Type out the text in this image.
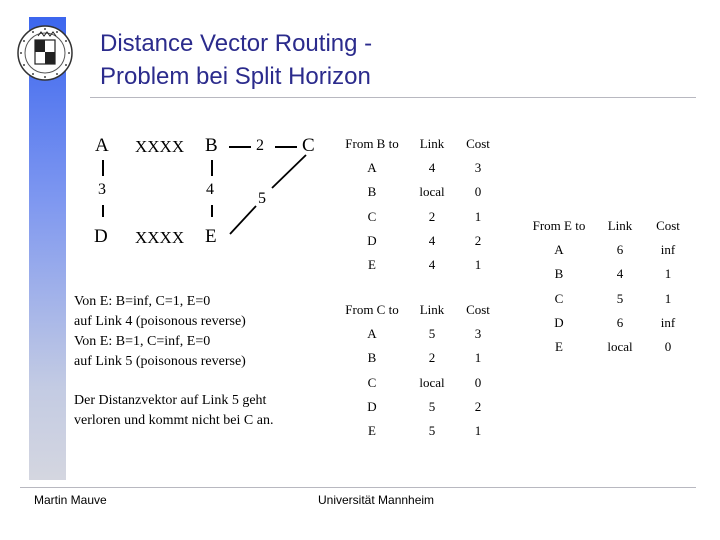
Distance Vector Routing -
Problem bei Split Horizon
A XXXX B 2 C
3	4
5
D XXXX E
Von E: B=inf, C=1, E=0
auf Link 4 (poisonous reverse)
Von E: B=1, C=inf, E=0
auf Link 5 (poisonous reverse)
Der Distanzvektor auf Link 5 geht
verloren und kommt nicht bei C an.
From B to	Link	Cost
A	4	3
B	local	0
C	2	1
D	4	2
E	4	1
From C to	Link	Cost
A	5	3
B	2	1
C	local	0
D	5	2
E	5	1
From E to	Link	Cost
A	6	inf
B	4	1
C	5	1
D	6	inf
E	local	0
Martin Mauve	Universität Mannheim
